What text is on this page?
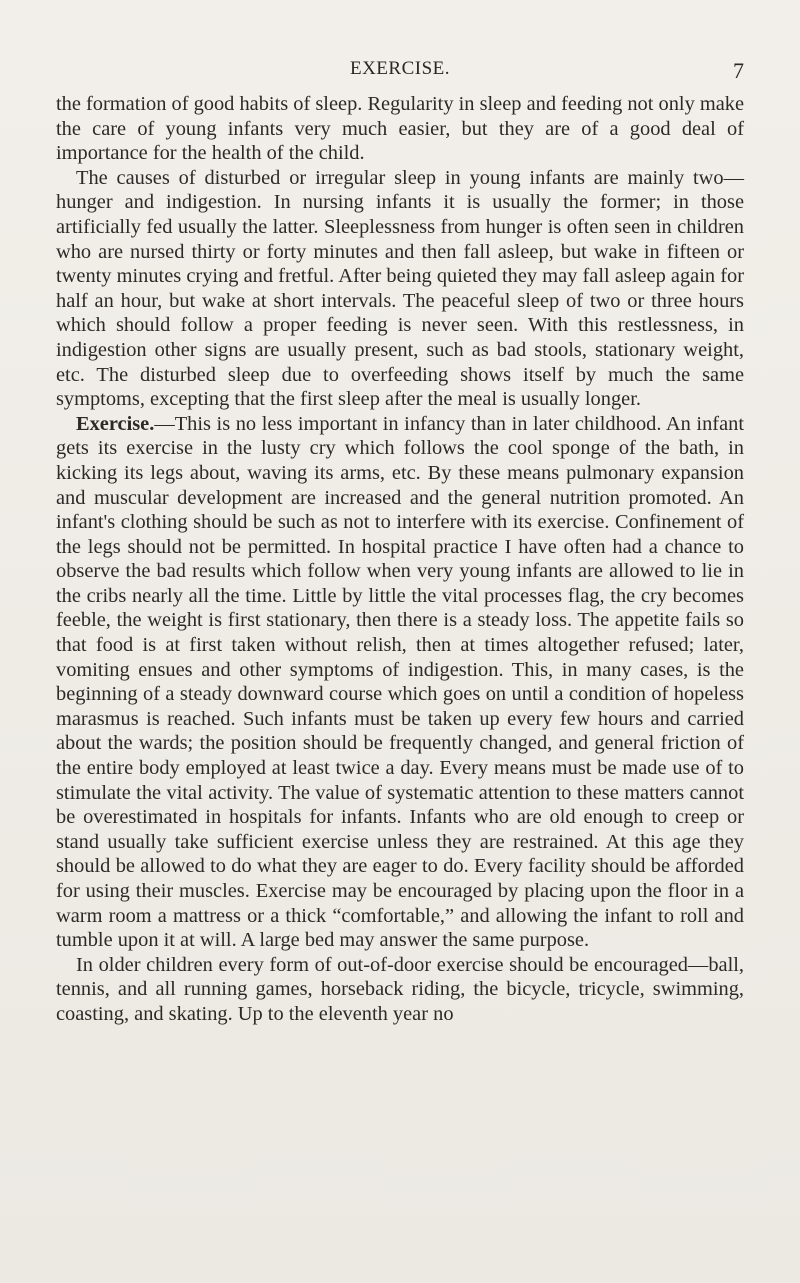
EXERCISE.	7

the formation of good habits of sleep. Regularity in sleep and feeding not only make the care of young infants very much easier, but they are of a good deal of importance for the health of the child.

The causes of disturbed or irregular sleep in young infants are mainly two—hunger and indigestion. In nursing infants it is usually the former; in those artificially fed usually the latter. Sleeplessness from hunger is often seen in children who are nursed thirty or forty minutes and then fall asleep, but wake in fifteen or twenty minutes crying and fretful. After being quieted they may fall asleep again for half an hour, but wake at short intervals. The peaceful sleep of two or three hours which should follow a proper feeding is never seen. With this restlessness, in indigestion other signs are usually present, such as bad stools, stationary weight, etc. The disturbed sleep due to overfeeding shows itself by much the same symptoms, excepting that the first sleep after the meal is usually longer.

Exercise.—This is no less important in infancy than in later childhood. An infant gets its exercise in the lusty cry which follows the cool sponge of the bath, in kicking its legs about, waving its arms, etc. By these means pulmonary expansion and muscular development are increased and the general nutrition promoted. An infant's clothing should be such as not to interfere with its exercise. Confinement of the legs should not be permitted. In hospital practice I have often had a chance to observe the bad results which follow when very young infants are allowed to lie in the cribs nearly all the time. Little by little the vital processes flag, the cry becomes feeble, the weight is first stationary, then there is a steady loss. The appetite fails so that food is at first taken without relish, then at times altogether refused; later, vomiting ensues and other symptoms of indigestion. This, in many cases, is the beginning of a steady downward course which goes on until a condition of hopeless marasmus is reached. Such infants must be taken up every few hours and carried about the wards; the position should be frequently changed, and general friction of the entire body employed at least twice a day. Every means must be made use of to stimulate the vital activity. The value of systematic attention to these matters cannot be overestimated in hospitals for infants. Infants who are old enough to creep or stand usually take sufficient exercise unless they are restrained. At this age they should be allowed to do what they are eager to do. Every facility should be afforded for using their muscles. Exercise may be encouraged by placing upon the floor in a warm room a mattress or a thick “comfortable,” and allowing the infant to roll and tumble upon it at will. A large bed may answer the same purpose.

In older children every form of out-of-door exercise should be encouraged—ball, tennis, and all running games, horseback riding, the bicycle, tricycle, swimming, coasting, and skating. Up to the eleventh year no
